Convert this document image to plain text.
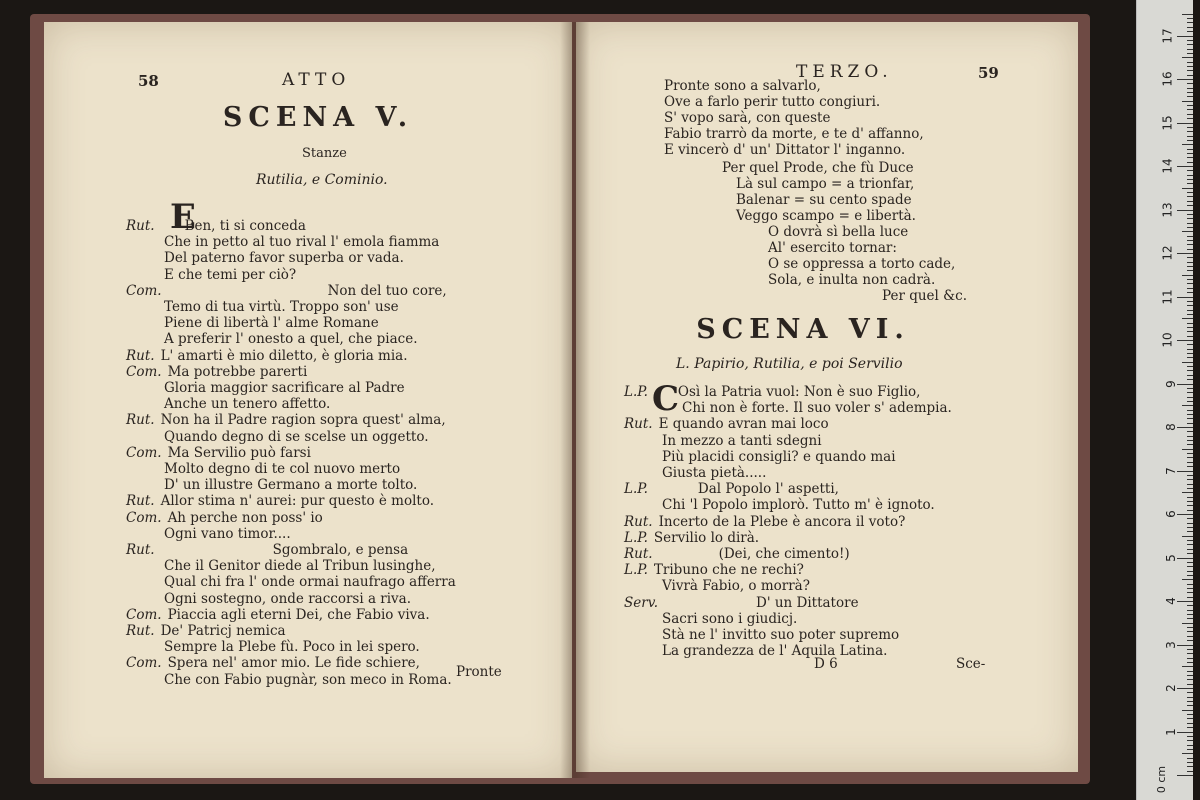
58	ATTO
SCENA V.
Stanze
Rutilia, e Cominio.
E
Rut. Ben, ti si conceda
Che in petto al tuo rival l' emola fiamma
Del paterno favor superba or vada.
E che temi per ciò?
Com.	Non del tuo core,
Temo di tua virtù. Troppo son' use
Piene di libertà l' alme Romane
A preferir l' onesto a quel, che piace.
Rut. L' amarti è mio diletto, è gloria mia.
Com. Ma potrebbe parerti
Gloria maggior sacrificare al Padre
Anche un tenero affetto.
Rut. Non ha il Padre ragion sopra quest' alma,
Quando degno di se scelse un oggetto.
Com. Ma Servilio può farsi
Molto degno di te col nuovo merto
D' un illustre Germano a morte tolto.
Rut. Allor stima n' aurei: pur questo è molto.
Com. Ah perche non poss' io
Ogni vano timor....
Rut.	Sgombralo, e pensa
Che il Genitor diede al Tribun lusinghe,
Qual chi fra l' onde ormai naufrago afferra
Ogni sostegno, onde raccorsi a riva.
Com. Piaccia agli eterni Dei, che Fabio viva.
Rut. De' Patricj nemica
Sempre la Plebe fù. Poco in lei spero.
Com. Spera nel' amor mio. Le fide schiere,
Che con Fabio pugnàr, son meco in Roma. Pronte
TERZO.	59
Pronte sono a salvarlo,
Ove a farlo perir tutto congiuri.
S' vopo sarà, con queste
Fabio trarrò da morte, e te d' affanno,
E vincerò d' un' Dittator l' inganno.
Per quel Prode, che fù Duce
Là sul campo = a trionfar,
Balenar = su cento spade
Veggo scampo = e libertà.
O dovrà sì bella luce
Al' esercito tornar:
O se oppressa a torto cade,
Sola, e inulta non cadrà.
Per quel &c.
SCENA VI.
L. Papirio, Rutilia, e poi Servilio
C
L.P. Osì la Patria vuol: Non è suo Figlio,
Chi non è forte. Il suo voler s' adempia.
Rut. E quando avran mai loco
In mezzo a tanti sdegni
Più placidi consigli? e quando mai
Giusta pietà.....
L.P.	Dal Popolo l' aspetti,
Chi 'l Popolo implorò. Tutto m' è ignoto.
Rut. Incerto de la Plebe è ancora il voto?
L.P. Servilio lo dirà.
Rut.	(Dei, che cimento!)
L.P. Tribuno che ne rechi?
Vivrà Fabio, o morrà?
Serv.	D' un Dittatore
Sacri sono i giudicj.
Stà ne l' invitto suo poter supremo
La grandezza de l' Aquila Latina.
D 6	Sce-
0 cm
1
2
3
4
5
6
7
8
9
10
11
12
13
14
15
16
17
